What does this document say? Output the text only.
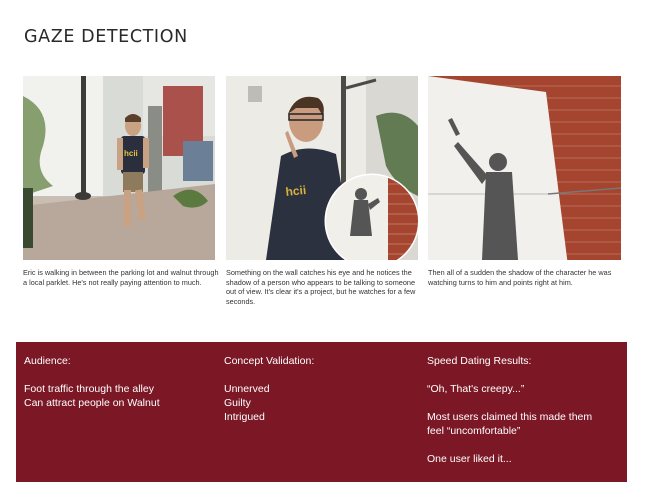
GAZE DETECTION
hcii
hcii
Eric is walking in between the parking lot and walnut through a local parklet. He's not really paying attention to much.
Something on the wall catches his eye and he notices the shadow of a person who appears to be talking to someone out of view. It's clear it's a project, but he watches for a few seconds.
Then all of a sudden the shadow of the character he was watching turns to him and points right at him.
Audience:
Foot traffic through the alley
Can attract people on Walnut
Concept Validation:
Unnerved
Guilty
Intrigued
Speed Dating Results:
“Oh, That's creepy...”
Most users claimed this made them
feel “uncomfortable”
One user liked it...
